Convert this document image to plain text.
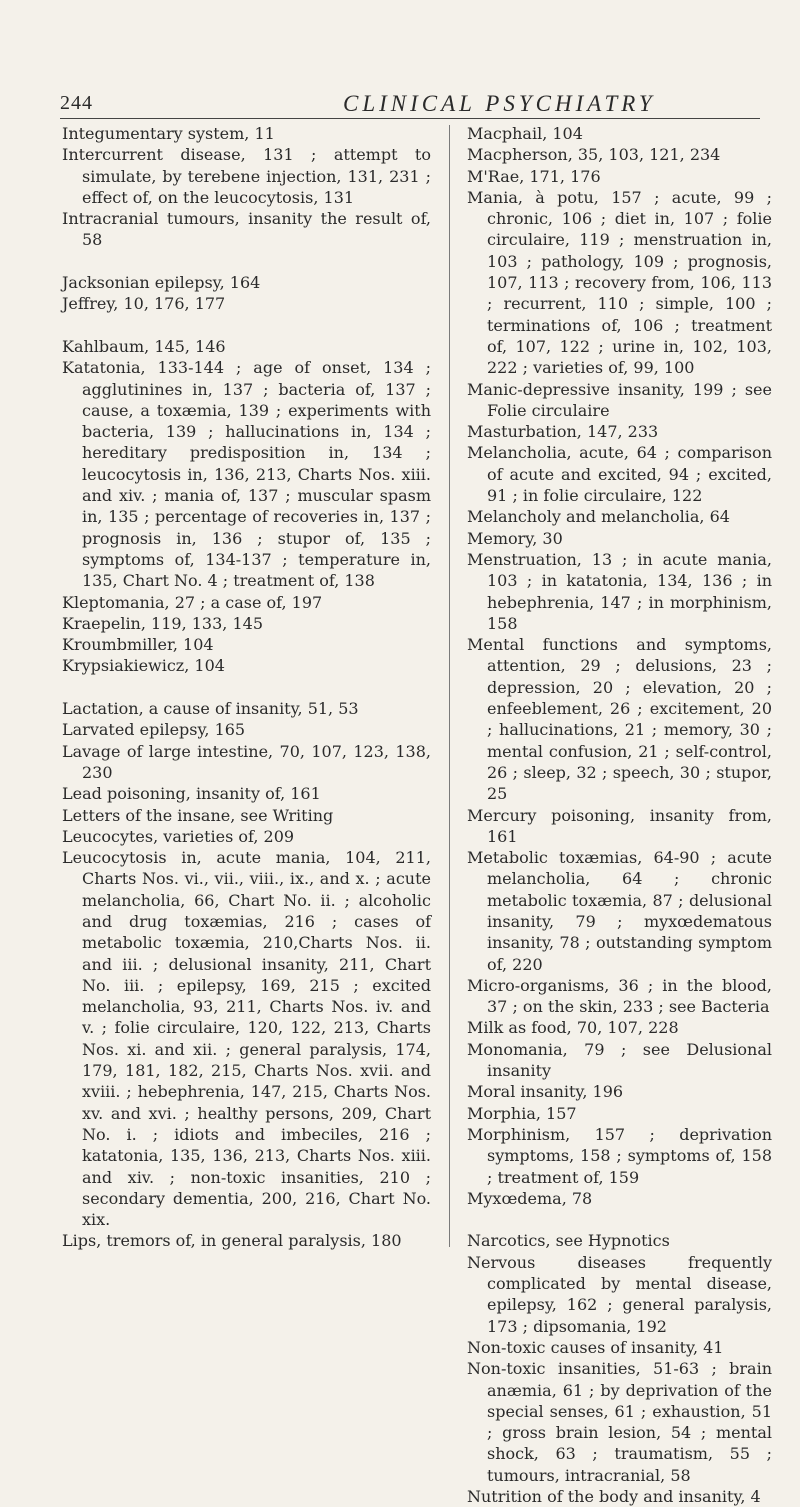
244	CLINICAL PSYCHIATRY
Integumentary system, 11
Intercurrent disease, 131 ; attempt to simulate, by terebene injection, 131, 231 ; effect of, on the leucocytosis, 131
Intracranial tumours, insanity the result of, 58
Jacksonian epilepsy, 164
Jeffrey, 10, 176, 177
Kahlbaum, 145, 146
Katatonia, 133-144 ; age of onset, 134 ; agglutinines in, 137 ; bacteria of, 137 ; cause, a toxæmia, 139 ; experiments with bacteria, 139 ; hallucinations in, 134 ; hereditary predisposition in, 134 ; leucocytosis in, 136, 213, Charts Nos. xiii. and xiv. ; mania of, 137 ; muscular spasm in, 135 ; percentage of recoveries in, 137 ; prognosis in, 136 ; stupor of, 135 ; symptoms of, 134-137 ; temperature in, 135, Chart No. 4 ; treatment of, 138
Kleptomania, 27 ; a case of, 197
Kraepelin, 119, 133, 145
Kroumbmiller, 104
Krypsiakiewicz, 104
Lactation, a cause of insanity, 51, 53
Larvated epilepsy, 165
Lavage of large intestine, 70, 107, 123, 138, 230
Lead poisoning, insanity of, 161
Letters of the insane, see Writing
Leucocytes, varieties of, 209
Leucocytosis in, acute mania, 104, 211, Charts Nos. vi., vii., viii., ix., and x. ; acute melancholia, 66, Chart No. ii. ; alcoholic and drug toxæmias, 216 ; cases of metabolic toxæmia, 210,Charts Nos. ii. and iii. ; delusional insanity, 211, Chart No. iii. ; epilepsy, 169, 215 ; excited melancholia, 93, 211, Charts Nos. iv. and v. ; folie circulaire, 120, 122, 213, Charts Nos. xi. and xii. ; general paralysis, 174, 179, 181, 182, 215, Charts Nos. xvii. and xviii. ; hebephrenia, 147, 215, Charts Nos. xv. and xvi. ; healthy persons, 209, Chart No. i. ; idiots and imbeciles, 216 ; katatonia, 135, 136, 213, Charts Nos. xiii. and xiv. ; non-toxic insanities, 210 ; secondary dementia, 200, 216, Chart No. xix.
Lips, tremors of, in general paralysis, 180
Macphail, 104
Macpherson, 35, 103, 121, 234
M'Rae, 171, 176
Mania, à potu, 157 ; acute, 99 ; chronic, 106 ; diet in, 107 ; folie circulaire, 119 ; menstruation in, 103 ; pathology, 109 ; prognosis, 107, 113 ; recovery from, 106, 113 ; recurrent, 110 ; simple, 100 ; terminations of, 106 ; treatment of, 107, 122 ; urine in, 102, 103, 222 ; varieties of, 99, 100
Manic-depressive insanity, 199 ; see Folie circulaire
Masturbation, 147, 233
Melancholia, acute, 64 ; comparison of acute and excited, 94 ; excited, 91 ; in folie circulaire, 122
Melancholy and melancholia, 64
Memory, 30
Menstruation, 13 ; in acute mania, 103 ; in katatonia, 134, 136 ; in hebephrenia, 147 ; in morphinism, 158
Mental functions and symptoms, attention, 29 ; delusions, 23 ; depression, 20 ; elevation, 20 ; enfeeblement, 26 ; excitement, 20 ; hallucinations, 21 ; memory, 30 ; mental confusion, 21 ; self-control, 26 ; sleep, 32 ; speech, 30 ; stupor, 25
Mercury poisoning, insanity from, 161
Metabolic toxæmias, 64-90 ; acute melancholia, 64 ; chronic metabolic toxæmia, 87 ; delusional insanity, 79 ; myxœdematous insanity, 78 ; outstanding symptom of, 220
Micro-organisms, 36 ; in the blood, 37 ; on the skin, 233 ; see Bacteria
Milk as food, 70, 107, 228
Monomania, 79 ; see Delusional insanity
Moral insanity, 196
Morphia, 157
Morphinism, 157 ; deprivation symptoms, 158 ; symptoms of, 158 ; treatment of, 159
Myxœdema, 78
Narcotics, see Hypnotics
Nervous diseases frequently complicated by mental disease, epilepsy, 162 ; general paralysis, 173 ; dipsomania, 192
Non-toxic causes of insanity, 41
Non-toxic insanities, 51-63 ; brain anæmia, 61 ; by deprivation of the special senses, 61 ; exhaustion, 51 ; gross brain lesion, 54 ; mental shock, 63 ; traumatism, 55 ; tumours, intracranial, 58
Nutrition of the body and insanity, 4
